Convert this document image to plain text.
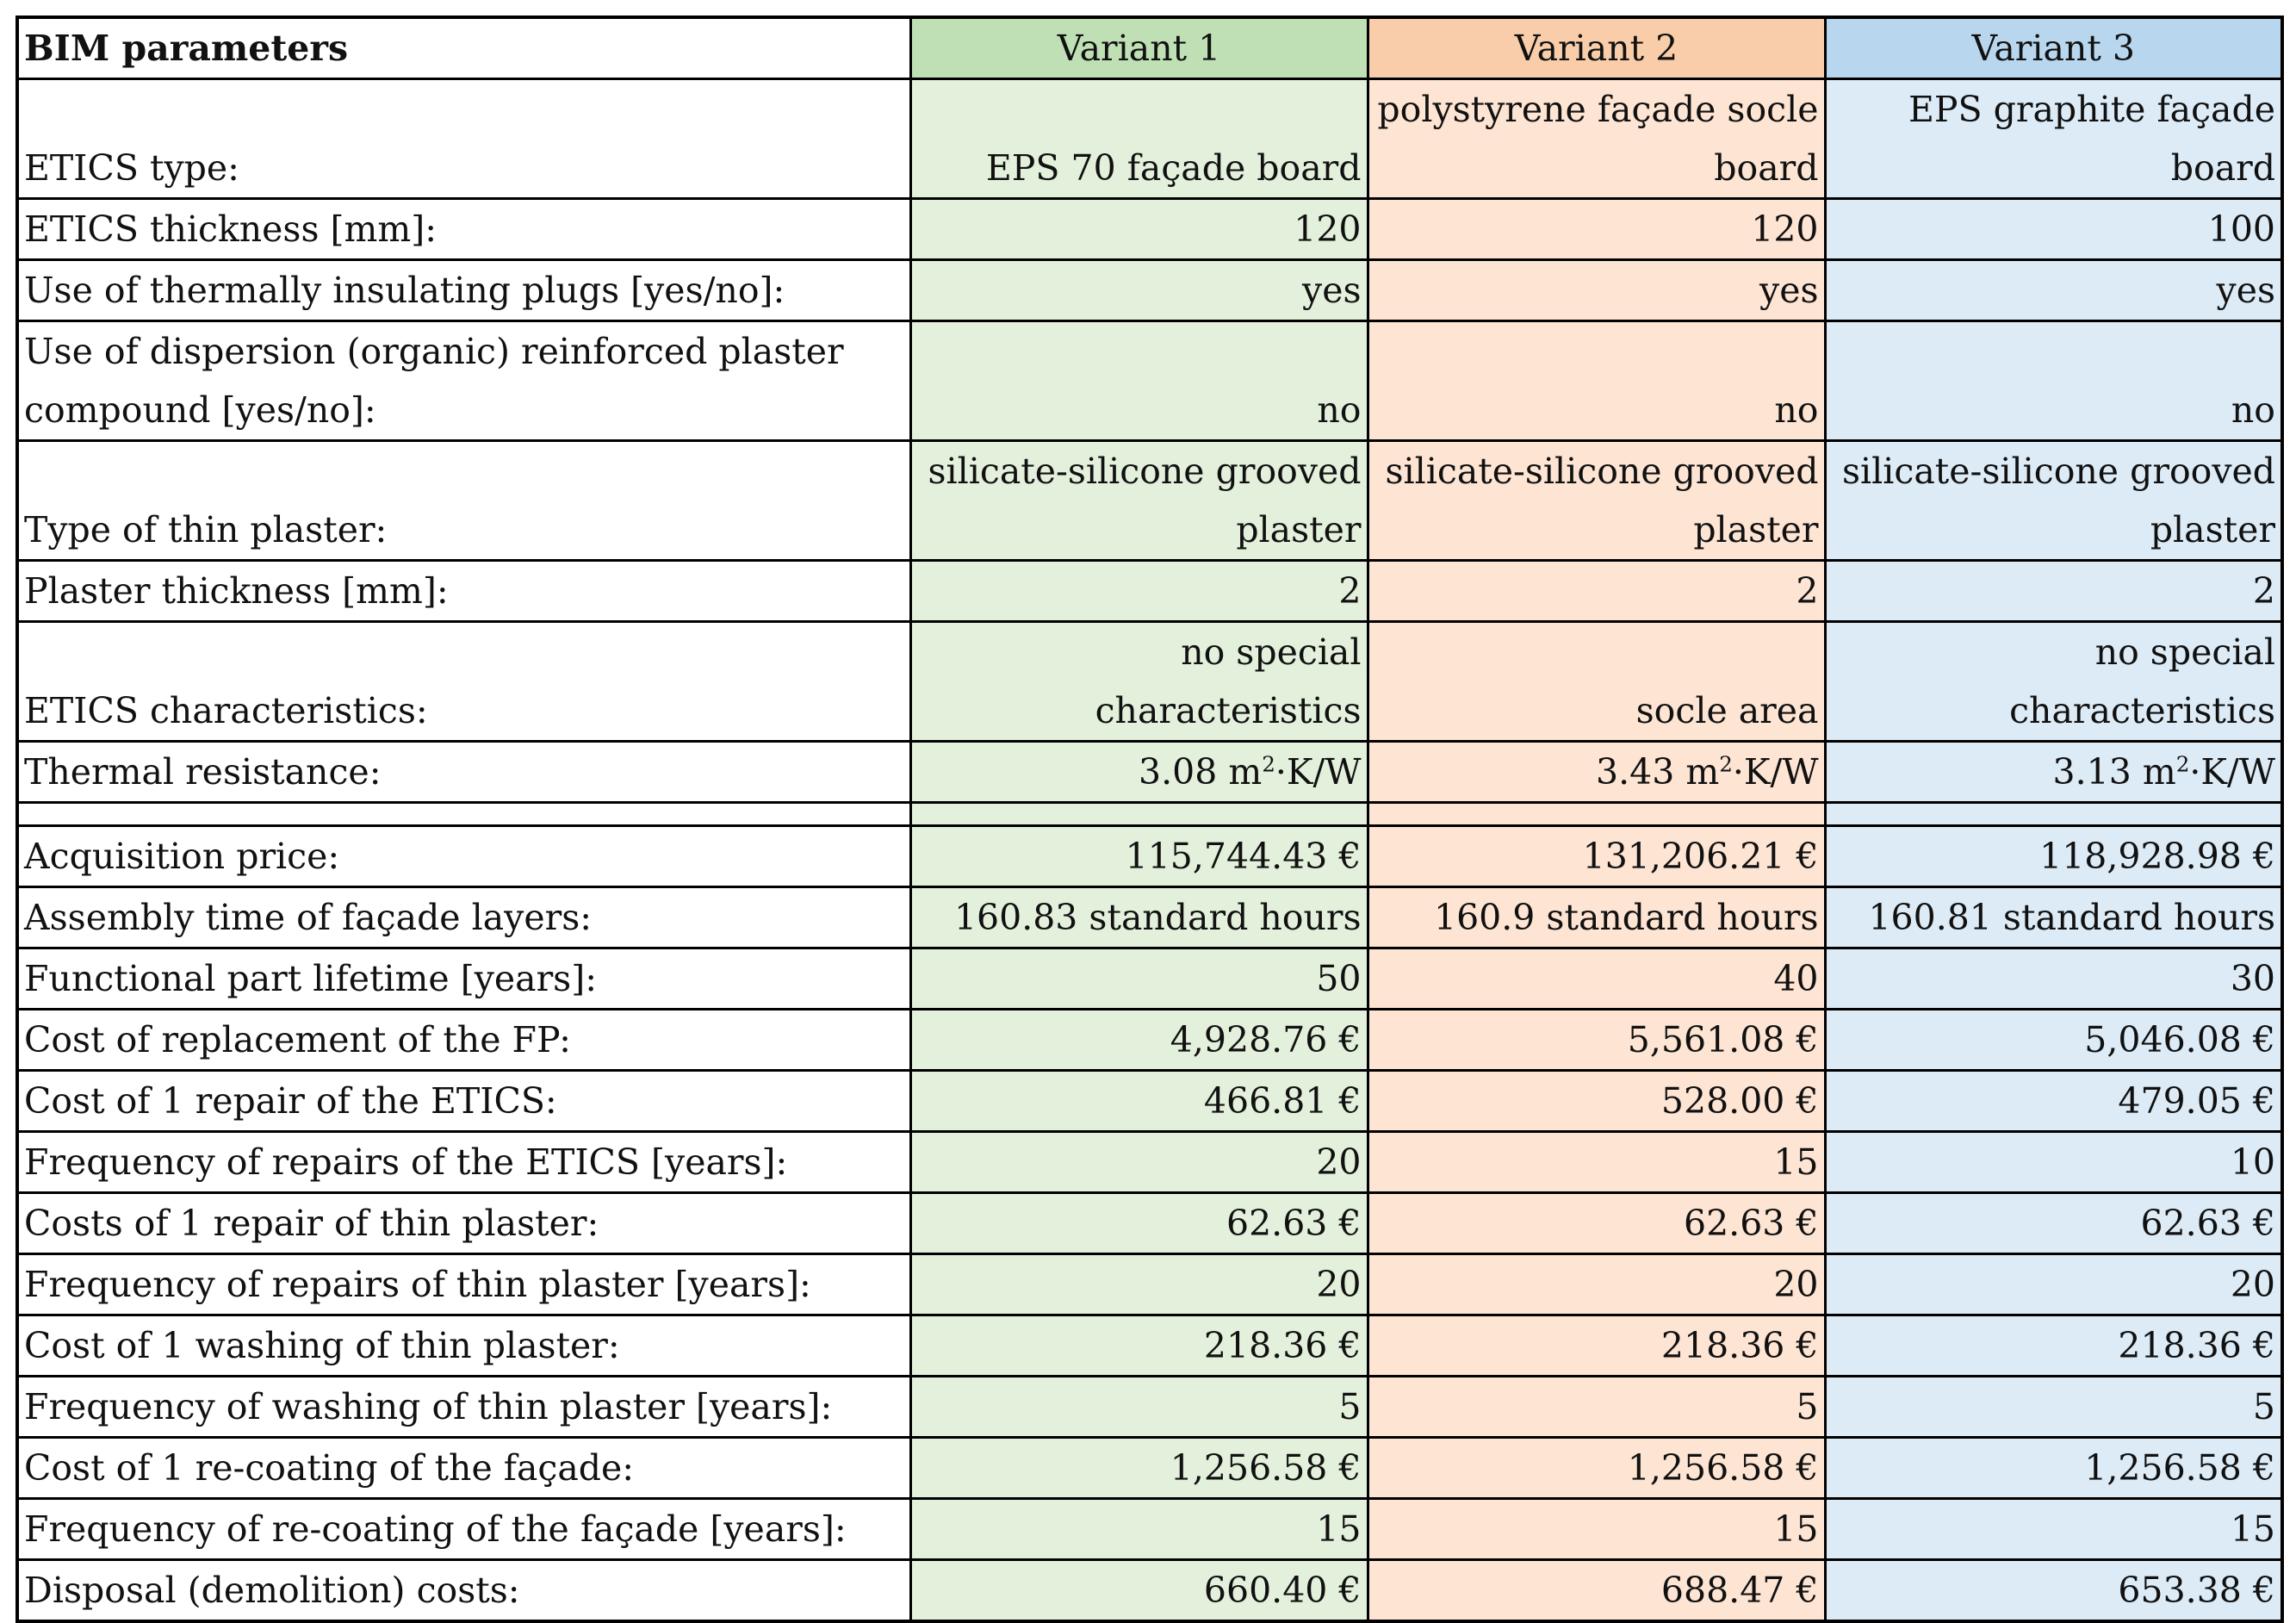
BIM parameters	Variant 1	Variant 2	Variant 3
ETICS type:	EPS 70 façade board	polystyrene façade socle board	EPS graphite façade board
ETICS thickness [mm]:	120	120	100
Use of thermally insulating plugs [yes/no]:	yes	yes	yes
Use of dispersion (organic) reinforced plaster compound [yes/no]:	no	no	no
Type of thin plaster:	silicate-silicone grooved plaster	silicate-silicone grooved plaster	silicate-silicone grooved plaster
Plaster thickness [mm]:	2	2	2
ETICS characteristics:	no special characteristics	socle area	no special characteristics
Thermal resistance:	3.08 $m^2\cdot K/W$	3.43 $m^2\cdot K/W$	3.13 $m^2\cdot K/W$

Acquisition price:	115,744.43 €	131,206.21 €	118,928.98 €
Assembly time of façade layers:	160.83 standard hours	160.9 standard hours	160.81 standard hours
Functional part lifetime [years]:	50	40	30
Cost of replacement of the FP:	4,928.76 €	5,561.08 €	5,046.08 €
Cost of 1 repair of the ETICS:	466.81 €	528.00 €	479.05 €
Frequency of repairs of the ETICS [years]:	20	15	10
Costs of 1 repair of thin plaster:	62.63 €	62.63 €	62.63 €
Frequency of repairs of thin plaster [years]:	20	20	20
Cost of 1 washing of thin plaster:	218.36 €	218.36 €	218.36 €
Frequency of washing of thin plaster [years]:	5	5	5
Cost of 1 re-coating of the façade:	1,256.58 €	1,256.58 €	1,256.58 €
Frequency of re-coating of the façade [years]:	15	15	15
Disposal (demolition) costs:	660.40 €	688.47 €	653.38 €
